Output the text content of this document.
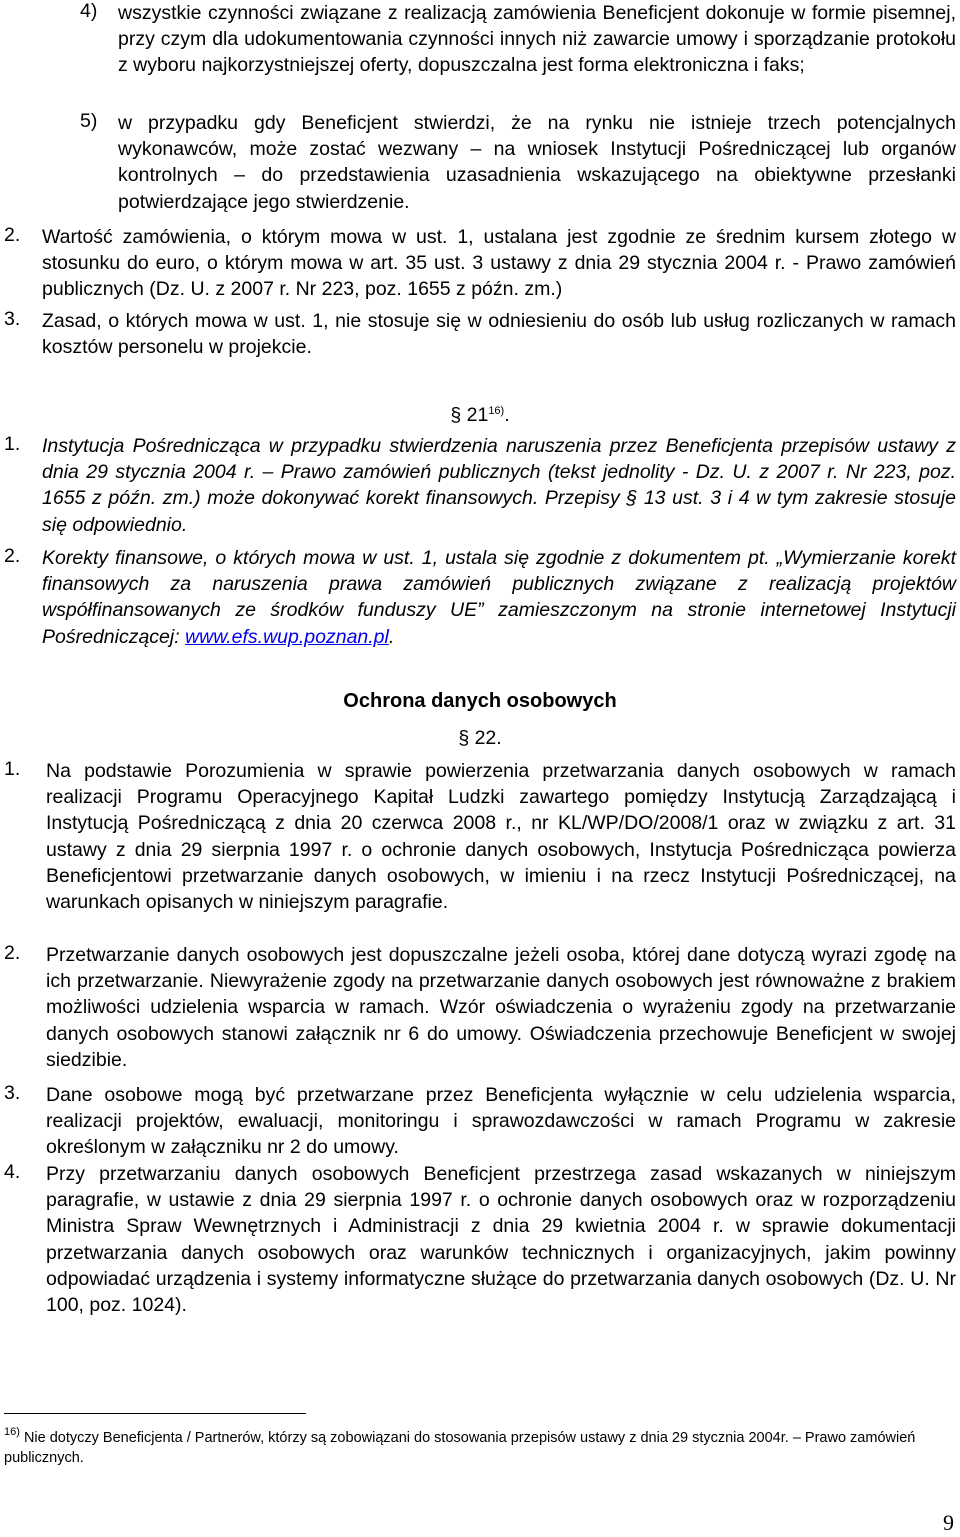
4) wszystkie czynności związane z realizacją zamówienia Beneficjent dokonuje w formie pisemnej, przy czym dla udokumentowania czynności innych niż zawarcie umowy i sporządzanie protokołu z wyboru najkorzystniejszej oferty, dopuszczalna jest forma elektroniczna i faks;

5) w przypadku gdy Beneficjent stwierdzi, że na rynku nie istnieje trzech potencjalnych wykonawców, może zostać wezwany – na wniosek Instytucji Pośredniczącej lub organów kontrolnych – do przedstawienia uzasadnienia wskazującego na obiektywne przesłanki potwierdzające jego stwierdzenie.

2. Wartość zamówienia, o którym mowa w ust. 1, ustalana jest zgodnie ze średnim kursem złotego w stosunku do euro, o którym mowa w art. 35 ust. 3 ustawy z dnia 29 stycznia 2004 r. - Prawo zamówień publicznych (Dz. U. z 2007 r. Nr 223, poz. 1655 z późn. zm.)

3. Zasad, o których mowa w ust. 1, nie stosuje się w odniesieniu do osób lub usług rozliczanych w ramach kosztów personelu w projekcie.

§ 21$^{16)}$.
1. Instytucja Pośrednicząca w przypadku stwierdzenia naruszenia przez Beneficjenta przepisów ustawy z dnia 29 stycznia 2004 r. – Prawo zamówień publicznych (tekst jednolity - Dz. U. z 2007 r. Nr 223, poz. 1655 z późn. zm.) może dokonywać korekt finansowych. Przepisy § 13 ust. 3 i 4 w tym zakresie stosuje się odpowiednio.

2. Korekty finansowe, o których mowa w ust. 1, ustala się zgodnie z dokumentem pt. „Wymierzanie korekt finansowych za naruszenia prawa zamówień publicznych związane z realizacją projektów współfinansowanych ze środków funduszy UE” zamieszczonym na stronie internetowej Instytucji Pośredniczącej: www.efs.wup.poznan.pl.

Ochrona danych osobowych
§ 22.
1. Na podstawie Porozumienia w sprawie powierzenia przetwarzania danych osobowych w ramach realizacji Programu Operacyjnego Kapitał Ludzki zawartego pomiędzy Instytucją Zarządzającą i Instytucją Pośredniczącą z dnia 20 czerwca 2008 r., nr KL/WP/DO/2008/1 oraz w związku z art. 31 ustawy z dnia 29 sierpnia 1997 r. o ochronie danych osobowych, Instytucja Pośrednicząca powierza Beneficjentowi przetwarzanie danych osobowych, w imieniu i na rzecz Instytucji Pośredniczącej, na warunkach opisanych w niniejszym paragrafie.

2. Przetwarzanie danych osobowych jest dopuszczalne jeżeli osoba, której dane dotyczą wyrazi zgodę na ich przetwarzanie. Niewyrażenie zgody na przetwarzanie danych osobowych jest równoważne z brakiem możliwości udzielenia wsparcia w ramach. Wzór oświadczenia o wyrażeniu zgody na przetwarzanie danych osobowych stanowi załącznik nr 6 do umowy. Oświadczenia przechowuje Beneficjent w swojej siedzibie.

3. Dane osobowe mogą być przetwarzane przez Beneficjenta wyłącznie w celu udzielenia wsparcia, realizacji projektów, ewaluacji, monitoringu i sprawozdawczości w ramach Programu w zakresie określonym w załączniku nr 2 do umowy.

4. Przy przetwarzaniu danych osobowych Beneficjent przestrzega zasad wskazanych w niniejszym paragrafie, w ustawie z dnia 29 sierpnia 1997 r. o ochronie danych osobowych oraz w rozporządzeniu Ministra Spraw Wewnętrznych i Administracji z dnia 29 kwietnia 2004 r. w sprawie dokumentacji przetwarzania danych osobowych oraz warunków technicznych i organizacyjnych, jakim powinny odpowiadać urządzenia i systemy informatyczne służące do przetwarzania danych osobowych (Dz. U. Nr 100, poz. 1024).

$^{16)}$ Nie dotyczy Beneficjenta / Partnerów, którzy są zobowiązani do stosowania przepisów ustawy z dnia 29 stycznia 2004r. – Prawo zamówień publicznych.
9
